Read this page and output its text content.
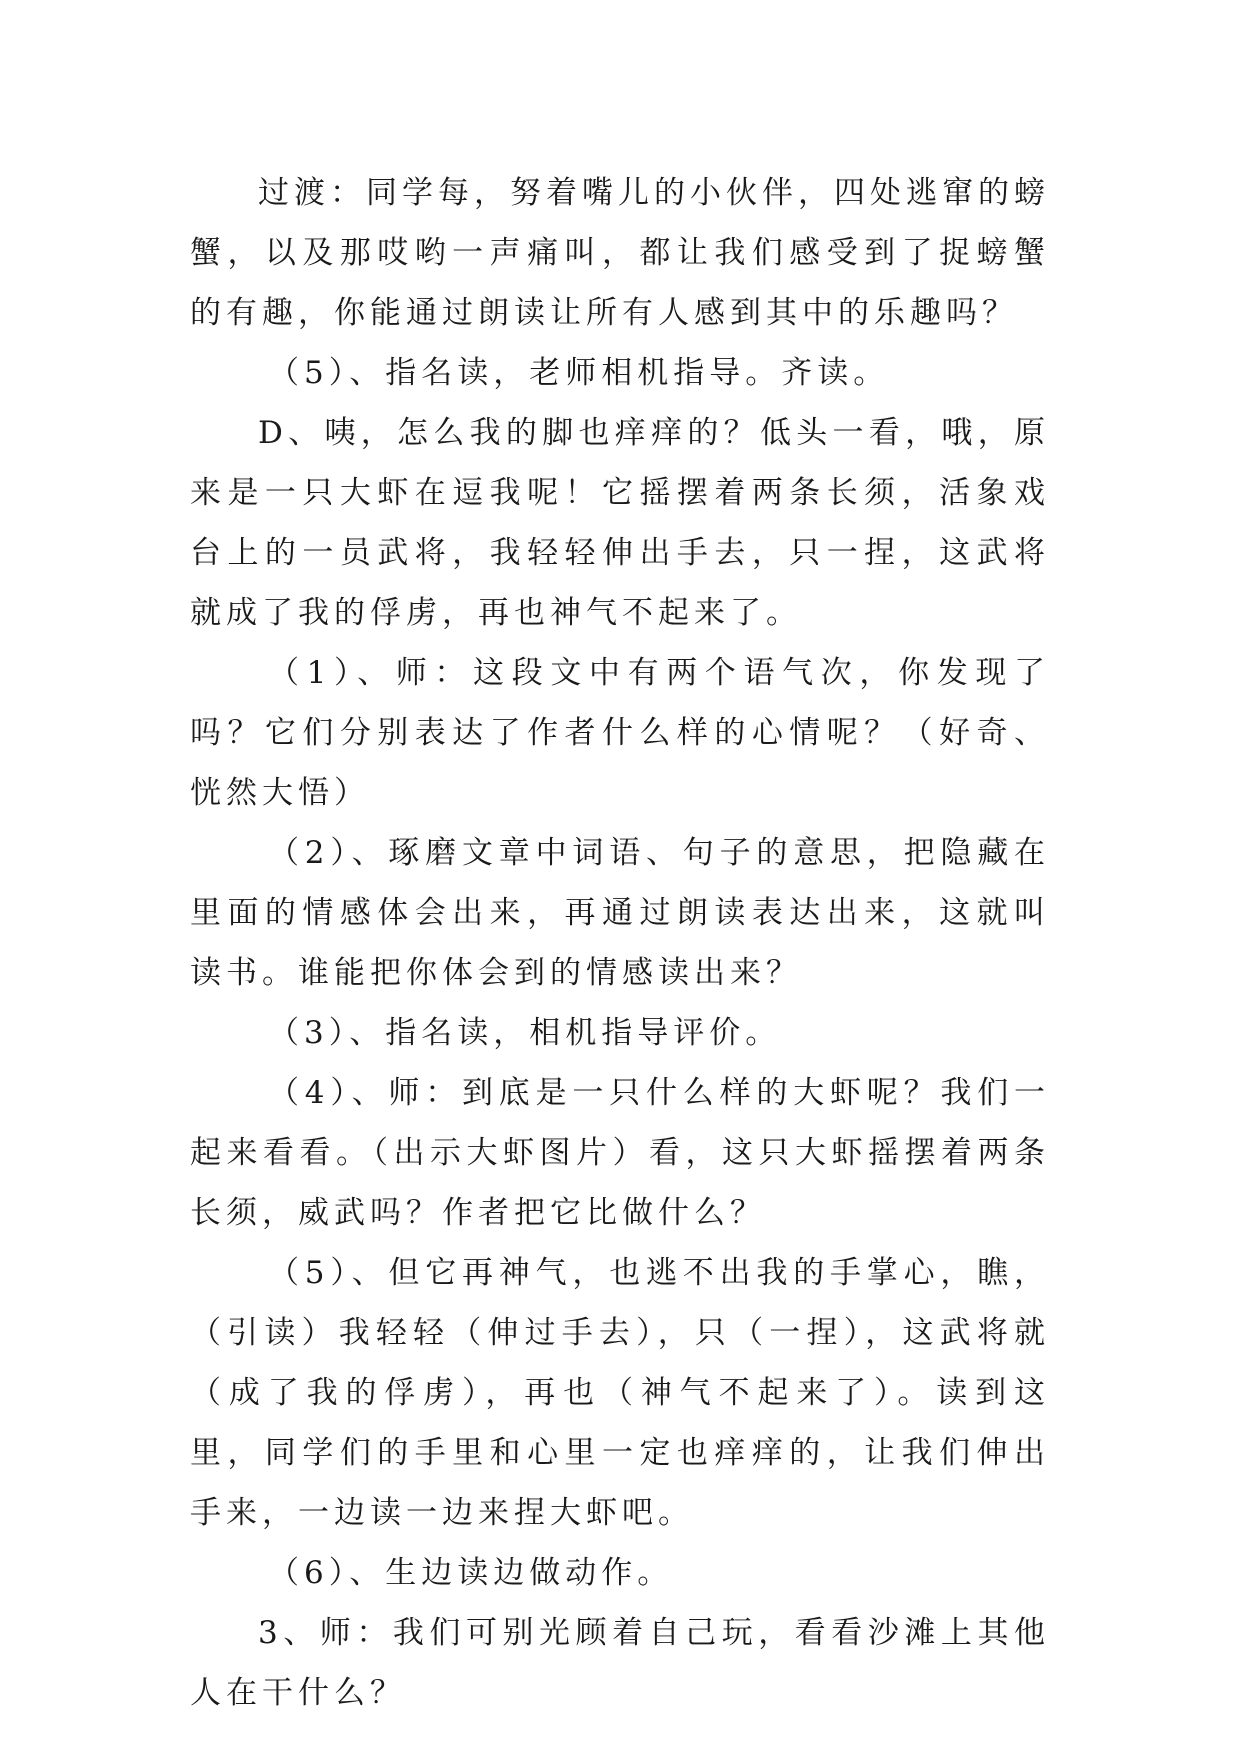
过渡：同学每，努着嘴儿的小伙伴，四处逃窜的螃蟹，以及那哎哟一声痛叫，都让我们感受到了捉螃蟹的有趣，你能通过朗读让所有人感到其中的乐趣吗？

（5）、指名读，老师相机指导。齐读。

D、咦，怎么我的脚也痒痒的？低头一看，哦，原来是一只大虾在逗我呢！它摇摆着两条长须，活象戏台上的一员武将，我轻轻伸出手去，只一捏，这武将就成了我的俘虏，再也神气不起来了。

（1）、师：这段文中有两个语气次，你发现了吗？它们分别表达了作者什么样的心情呢？（好奇、恍然大悟）

（2）、琢磨文章中词语、句子的意思，把隐藏在里面的情感体会出来，再通过朗读表达出来，这就叫读书。谁能把你体会到的情感读出来？

（3）、指名读，相机指导评价。

（4）、师：到底是一只什么样的大虾呢？我们一起来看看。（出示大虾图片）看，这只大虾摇摆着两条长须，威武吗？作者把它比做什么？

（5）、但它再神气，也逃不出我的手掌心，瞧，（引读）我轻轻（伸过手去），只（一捏），这武将就（成了我的俘虏），再也（神气不起来了）。读到这里，同学们的手里和心里一定也痒痒的，让我们伸出手来，一边读一边来捏大虾吧。

（6）、生边读边做动作。

3、师：我们可别光顾着自己玩，看看沙滩上其他人在干什么？
